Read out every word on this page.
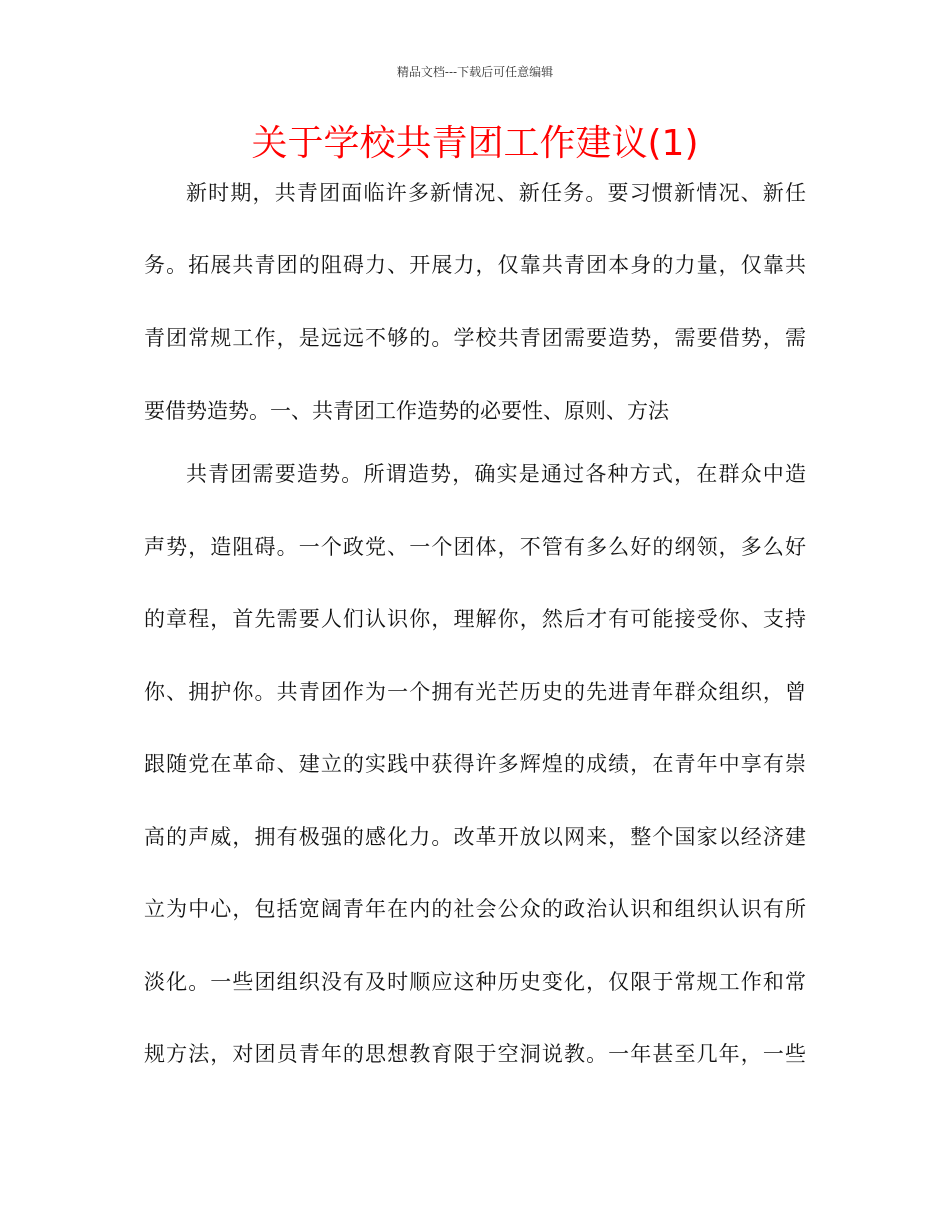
精品文档---下载后可任意编辑
关于学校共青团工作建议(1)
新时期，共青团面临许多新情况、新任务。要习惯新情况、新任
务。拓展共青团的阻碍力、开展力，仅靠共青团本身的力量，仅靠共
青团常规工作，是远远不够的。学校共青团需要造势，需要借势，需
要借势造势。一、共青团工作造势的必要性、原则、方法
共青团需要造势。所谓造势，确实是通过各种方式，在群众中造
声势，造阻碍。一个政党、一个团体，不管有多么好的纲领，多么好
的章程，首先需要人们认识你，理解你，然后才有可能接受你、支持
你、拥护你。共青团作为一个拥有光芒历史的先进青年群众组织，曾
跟随党在革命、建立的实践中获得许多辉煌的成绩，在青年中享有崇
高的声威，拥有极强的感化力。改革开放以网来，整个国家以经济建
立为中心，包括宽阔青年在内的社会公众的政治认识和组织认识有所
淡化。一些团组织没有及时顺应这种历史变化，仅限于常规工作和常
规方法，对团员青年的思想教育限于空洞说教。一年甚至几年，一些
